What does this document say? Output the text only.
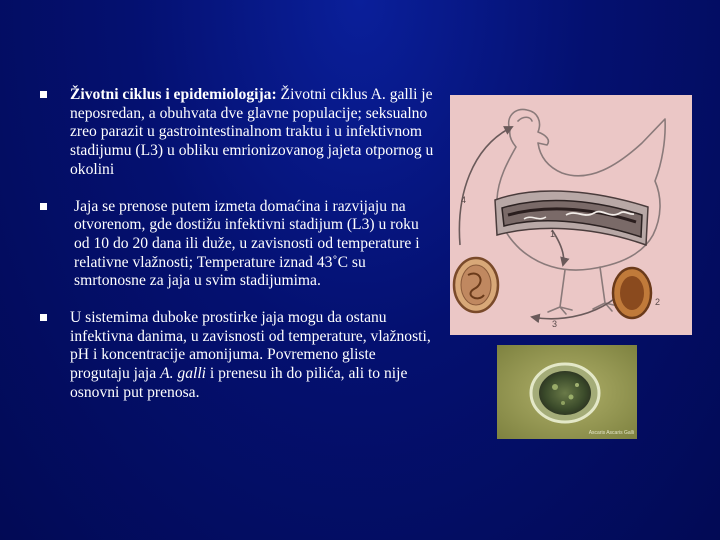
Životni ciklus i epidemiologija: Životni ciklus A. galli je neposredan, a obuhvata dve glavne populacije; seksualno zreo parazit u gastrointestinalnom traktu i u infektivnom stadijumu (L3) u obliku emrionizovanog jajeta otpornog u okolini
Jaja se prenose putem izmeta domaćina i razvijaju na otvorenom, gde dostižu infektivni stadijum (L3) u roku od 10 do 20 dana ili duže, u zavisnosti od temperature i relativne vlažnosti; Temperature iznad 43˚C su smrtonosne za jaja u svim stadijumima.
U sistemima duboke prostirke jaja mogu da ostanu infektivna danima, u zavisnosti od temperature, vlažnosti, pH i koncentracije amonijuma. Povremeno gliste progutaju jaja A. galli i prenesu ih do pilića, ali to nije osnovni put prenosa.
1
2
3
4
Ascaris Ascaris Galli
